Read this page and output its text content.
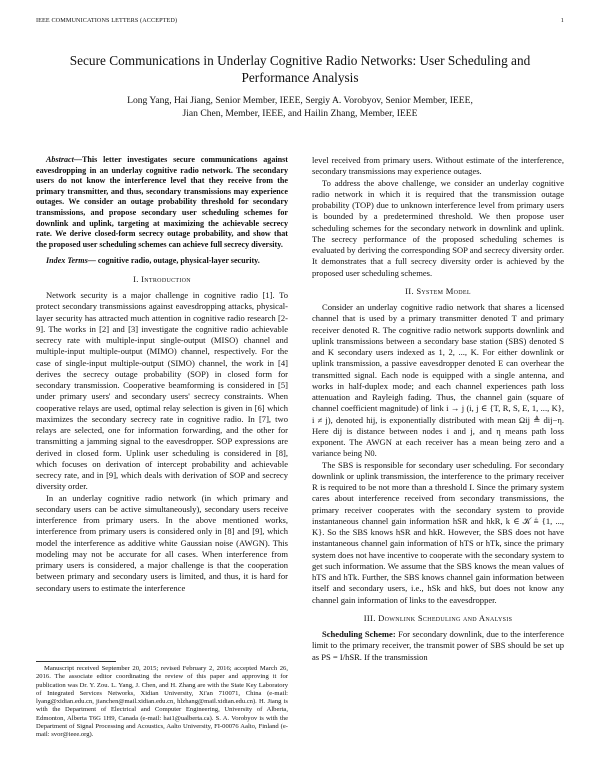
IEEE COMMUNICATIONS LETTERS (ACCEPTED)	1
Secure Communications in Underlay Cognitive Radio Networks: User Scheduling and Performance Analysis
Long Yang, Hai Jiang, Senior Member, IEEE, Sergiy A. Vorobyov, Senior Member, IEEE,
Jian Chen, Member, IEEE, and Hailin Zhang, Member, IEEE

Abstract—This letter investigates secure communications against eavesdropping in an underlay cognitive radio network. The secondary users do not know the interference level that they receive from the primary transmitter, and thus, secondary transmissions may experience outages. We consider an outage probability threshold for secondary transmissions, and propose secondary user scheduling schemes for downlink and uplink, targeting at maximizing the achievable secrecy rate. We derive closed-form secrecy outage probability, and show that the proposed user scheduling schemes can achieve full secrecy diversity.

Index Terms— cognitive radio, outage, physical-layer security.

I. Introduction

Network security is a major challenge in cognitive radio [1]. To protect secondary transmissions against eavesdropping attacks, physical-layer security has attracted much attention in cognitive radio research [2-9]. The works in [2] and [3] investigate the cognitive radio achievable secrecy rate with multiple-input single-output (MISO) channel and multiple-input multiple-output (MIMO) channel, respectively. For the case of single-input multiple-output (SIMO) channel, the work in [4] derives the secrecy outage probability (SOP) in closed form for secondary transmission. Cooperative beamforming is considered in [5] under primary users' and secondary users' secrecy constraints. When cooperative relays are used, optimal relay selection is given in [6] which maximizes the secondary secrecy rate in cognitive radio. In [7], two relays are selected, one for information forwarding, and the other for transmitting a jamming signal to the eavesdropper. SOP expressions are derived in closed form. Uplink user scheduling is considered in [8], which focuses on derivation of intercept probability and achievable secrecy rate, and in [9], which deals with derivation of SOP and secrecy diversity order.

In an underlay cognitive radio network (in which primary and secondary users can be active simultaneously), secondary users receive interference from primary users. In the above mentioned works, interference from primary users is considered only in [8] and [9], which model the interference as additive white Gaussian noise (AWGN). This modeling may not be accurate for all cases. When interference from primary users is considered, a major challenge is that the cooperation between primary and secondary users is limited, and thus, it is hard for secondary users to estimate the interference

Manuscript received September 20, 2015; revised February 2, 2016; accepted March 26, 2016. The associate editor coordinating the review of this paper and approving it for publication was Dr. Y. Zou. L. Yang, J. Chen, and H. Zhang are with the State Key Laboratory of Integrated Services Networks, Xidian University, Xi'an 710071, China (e-mail: lyang@xidian.edu.cn, jianchen@mail.xidian.edu.cn, hlzhang@mail.xidian.edu.cn). H. Jiang is with the Department of Electrical and Computer Engineering, University of Alberta, Edmonton, Alberta T6G 1H9, Canada (e-mail: hai1@ualberta.ca). S. A. Vorobyov is with the Department of Signal Processing and Acoustics, Aalto University, FI-00076 Aalto, Finland (e-mail: svor@ieee.org).

level received from primary users. Without estimate of the interference, secondary transmissions may experience outages.

To address the above challenge, we consider an underlay cognitive radio network in which it is required that the transmission outage probability (TOP) due to unknown interference level from primary users is bounded by a predetermined threshold. We then propose user scheduling schemes for the secondary network in downlink and uplink. The secrecy performance of the proposed scheduling schemes is evaluated by deriving the corresponding SOP and secrecy diversity order. It demonstrates that a full secrecy diversity order is achieved by the proposed user scheduling schemes.

II. System Model

Consider an underlay cognitive radio network that shares a licensed channel that is used by a primary transmitter denoted T and primary receiver denoted R. The cognitive radio network supports downlink and uplink transmissions between a secondary base station (SBS) denoted S and K secondary users indexed as 1, 2, ..., K. For either downlink or uplink transmission, a passive eavesdropper denoted E can overhear the transmitted signal. Each node is equipped with a single antenna, and works in half-duplex mode; and each channel experiences path loss attenuation and Rayleigh fading. Thus, the channel gain (square of channel coefficient magnitude) of link i → j (i, j ∈ {T, R, S, E, 1, ..., K}, i ≠ j), denoted hij, is exponentially distributed with mean Ωij ≜ dij−η. Here dij is distance between nodes i and j, and η means path loss exponent. The AWGN at each receiver has a mean being zero and a variance being N0.

The SBS is responsible for secondary user scheduling. For secondary downlink or uplink transmission, the interference to the primary receiver R is required to be not more than a threshold I. Since the primary system cares about interference received from secondary transmissions, the primary receiver cooperates with the secondary system to provide instantaneous channel gain information hSR and hkR, k ∈ 𝒦 ≜ {1, ..., K}. So the SBS knows hSR and hkR. However, the SBS does not have instantaneous channel gain information of hTS or hTk, since the primary system does not have incentive to cooperate with the secondary system to get such information. We assume that the SBS knows the mean values of hTS and hTk. Further, the SBS knows channel gain information between itself and secondary users, i.e., hSk and hkS, but does not know any channel gain information of links to the eavesdropper.

III. Downlink Scheduling and Analysis

Scheduling Scheme: For secondary downlink, due to the interference limit to the primary receiver, the transmit power of SBS should be set up as PS = I/hSR. If the transmission
